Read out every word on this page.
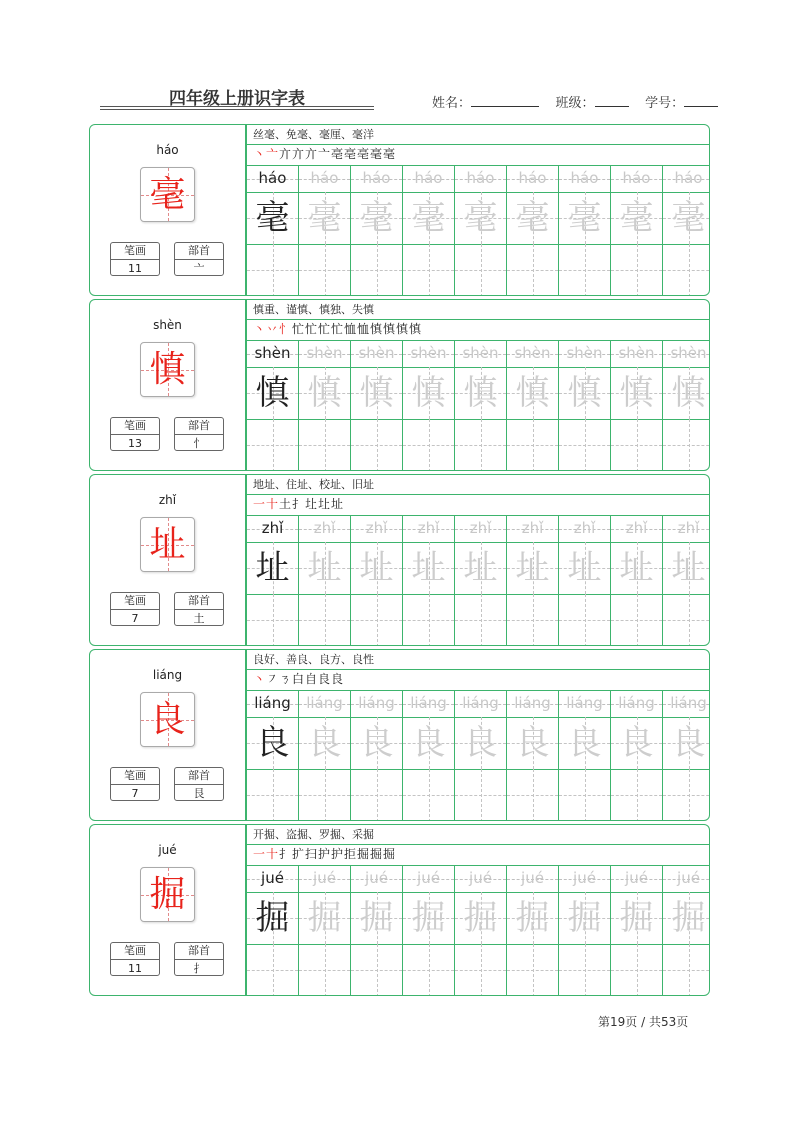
四年级上册识字表	姓名：	班级：	学号：
háo
毫
笔画
11
部首
亠
丝毫、免毫、毫厘、毫洋
丶亠亣亣亣亠亳亳亳毫毫
háo	háo	háo	háo	háo	háo	háo	háo	háo
毫 毫 毫 毫 毫 毫 毫 毫 毫
shèn
慎
笔画
13
部首
忄
慎重、谨慎、慎独、失慎
丶丷忄忙忙忙忙恤恤慎慎慎慎
shèn	shèn	shèn	shèn	shèn	shèn	shèn	shèn	shèn
慎 慎 慎 慎 慎 慎 慎 慎 慎
zhǐ
址
笔画
7
部首
土
地址、住址、校址、旧址
一十土扌圵圵址
zhǐ	zhǐ	zhǐ	zhǐ	zhǐ	zhǐ	zhǐ	zhǐ	zhǐ
址 址 址 址 址 址 址 址 址
liáng
良
笔画
7
部首
艮
良好、善良、良方、良性
丶㇇ㄋ白自良良
liáng	liáng	liáng	liáng	liáng	liáng	liáng	liáng	liáng
良 良 良 良 良 良 良 良 良
jué
掘
笔画
11
部首
扌
开掘、盗掘、罗掘、采掘
一十扌扩扫护护拒掘掘掘
jué	jué	jué	jué	jué	jué	jué	jué	jué
掘 掘 掘 掘 掘 掘 掘 掘 掘
第19页 / 共53页
